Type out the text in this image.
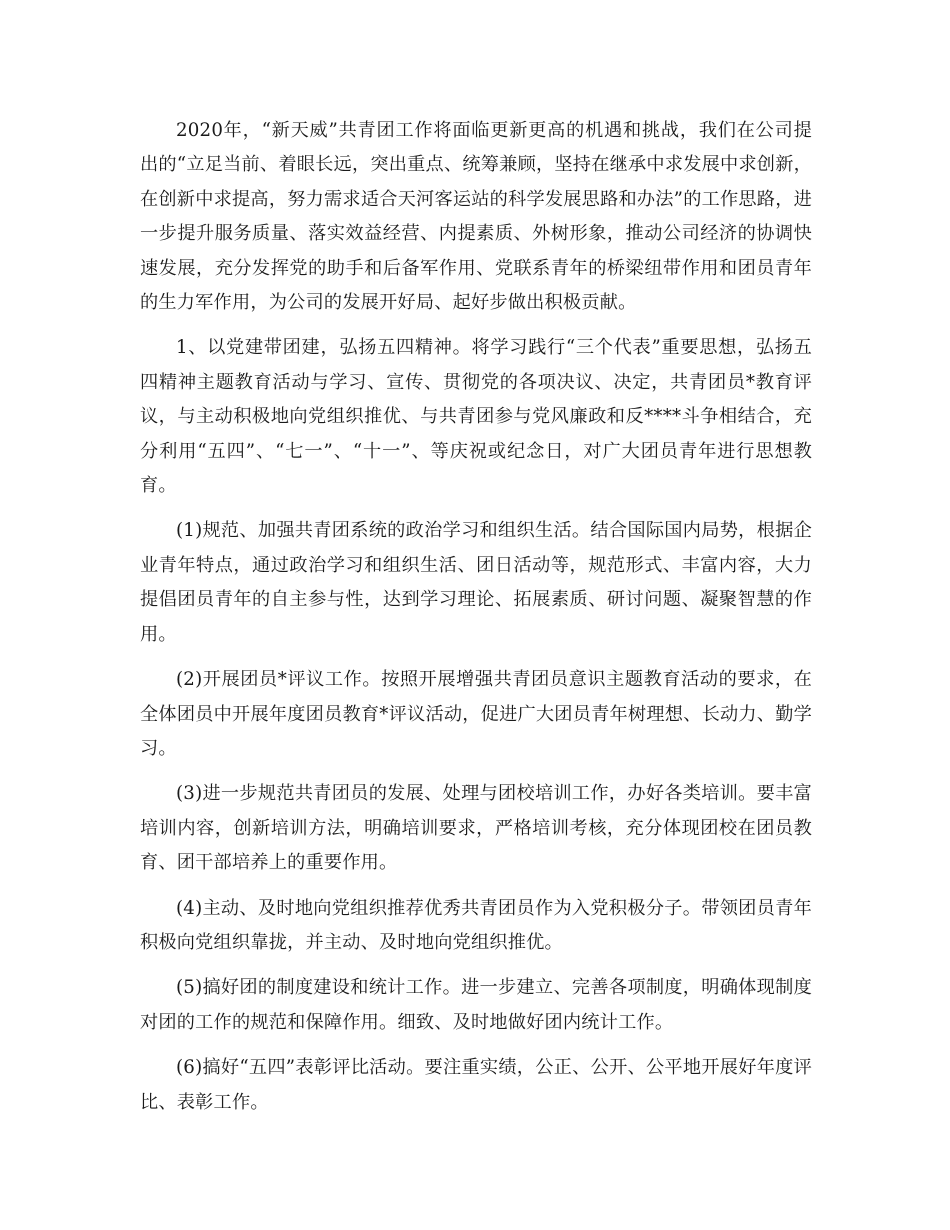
2020年，“新天威”共青团工作将面临更新更高的机遇和挑战，我们在公司提出的“立足当前、着眼长远，突出重点、统筹兼顾，坚持在继承中求发展中求创新，在创新中求提高，努力需求适合天河客运站的科学发展思路和办法”的工作思路，进一步提升服务质量、落实效益经营、内提素质、外树形象，推动公司经济的协调快速发展，充分发挥党的助手和后备军作用、党联系青年的桥梁纽带作用和团员青年的生力军作用，为公司的发展开好局、起好步做出积极贡献。

1、以党建带团建，弘扬五四精神。将学习践行“三个代表”重要思想，弘扬五四精神主题教育活动与学习、宣传、贯彻党的各项决议、决定，共青团员*教育评议，与主动积极地向党组织推优、与共青团参与党风廉政和反****斗争相结合，充分利用“五四”、“七一”、“十一”、等庆祝或纪念日，对广大团员青年进行思想教育。

(1)规范、加强共青团系统的政治学习和组织生活。结合国际国内局势，根据企业青年特点，通过政治学习和组织生活、团日活动等，规范形式、丰富内容，大力提倡团员青年的自主参与性，达到学习理论、拓展素质、研讨问题、凝聚智慧的作用。

(2)开展团员*评议工作。按照开展增强共青团员意识主题教育活动的要求，在全体团员中开展年度团员教育*评议活动，促进广大团员青年树理想、长动力、勤学习。

(3)进一步规范共青团员的发展、处理与团校培训工作，办好各类培训。要丰富培训内容，创新培训方法，明确培训要求，严格培训考核，充分体现团校在团员教育、团干部培养上的重要作用。

(4)主动、及时地向党组织推荐优秀共青团员作为入党积极分子。带领团员青年积极向党组织靠拢，并主动、及时地向党组织推优。

(5)搞好团的制度建设和统计工作。进一步建立、完善各项制度，明确体现制度对团的工作的规范和保障作用。细致、及时地做好团内统计工作。

(6)搞好“五四”表彰评比活动。要注重实绩，公正、公开、公平地开展好年度评比、表彰工作。
